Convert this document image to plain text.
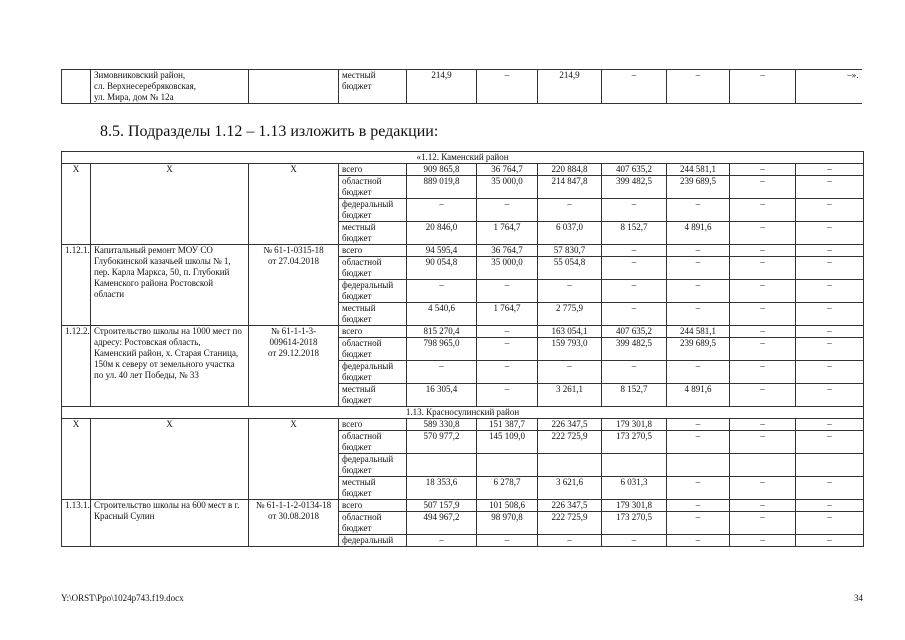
	Зимовниковский район,
сл. Верхнесеребряковская,
ул. Мира, дом № 12а		местный
бюджет	214,9	–	214,9	–	–	–	–».	
8.5. Подразделы 1.12 – 1.13 изложить в редакции:
«1.12. Каменский район										
Х	Х	Х	всего	909 865,8	36 764,7	220 884,8	407 635,2	244 581,1	–	–
			областной
бюджет	889 019,8	35 000,0	214 847,8	399 482,5	239 689,5	–	–
			федеральный
бюджет	–	–	–	–	–	–	–
			местный
бюджет	20 846,0	1 764,7	6 037,0	8 152,7	4 891,6	–	–
1.12.1.	Капитальный ремонт МОУ СО Глубокинской казачьей школы № 1, пер. Карла Маркса, 50, п. Глубокий Каменского района Ростовской области	№ 61-1-0315-18
от 27.04.2018	всего	94 595,4	36 764,7	57 830,7	–	–	–	–
			областной
бюджет	90 054,8	35 000,0	55 054,8	–	–	–	–
			федеральный
бюджет	–	–	–	–	–	–	–
			местный
бюджет	4 540,6	1 764,7	2 775,9	–	–	–	–
1.12.2.	Строительство школы на 1000 мест по адресу: Ростовская область, Каменский район, х. Старая Станица, 150м к северу от земельного участка по ул. 40 лет Победы, № 33	№ 61-1-1-3-
009614-2018
от 29.12.2018	всего	815 270,4	–	163 054,1	407 635,2	244 581,1	–	–
			областной
бюджет	798 965,0	–	159 793,0	399 482,5	239 689,5	–	–
			федеральный
бюджет	–	–	–	–	–	–	–
			местный
бюджет	16 305,4	–	3 261,1	8 152,7	4 891,6	–	–
1.13. Красносулинский район										
Х	Х	Х	всего	589 330,8	151 387,7	226 347,5	179 301,8	–	–	–
			областной
бюджет	570 977,2	145 109,0	222 725,9	173 270,5	–	–	–
			федеральный
бюджет							
			местный
бюджет	18 353,6	6 278,7	3 621,6	6 031,3	–	–	–
1.13.1.	Строительство школы на 600 мест в г. Красный Сулин	№ 61-1-1-2-0134-18
от 30.08.2018	всего	507 157,9	101 508,6	226 347,5	179 301,8	–	–	–
			областной
бюджет	494 967,2	98 970,8	222 725,9	173 270,5	–	–	–
			федеральный	–	–	–	–	–	–	–
Y:\ORST\Ppo\1024p743.f19.docx	34
